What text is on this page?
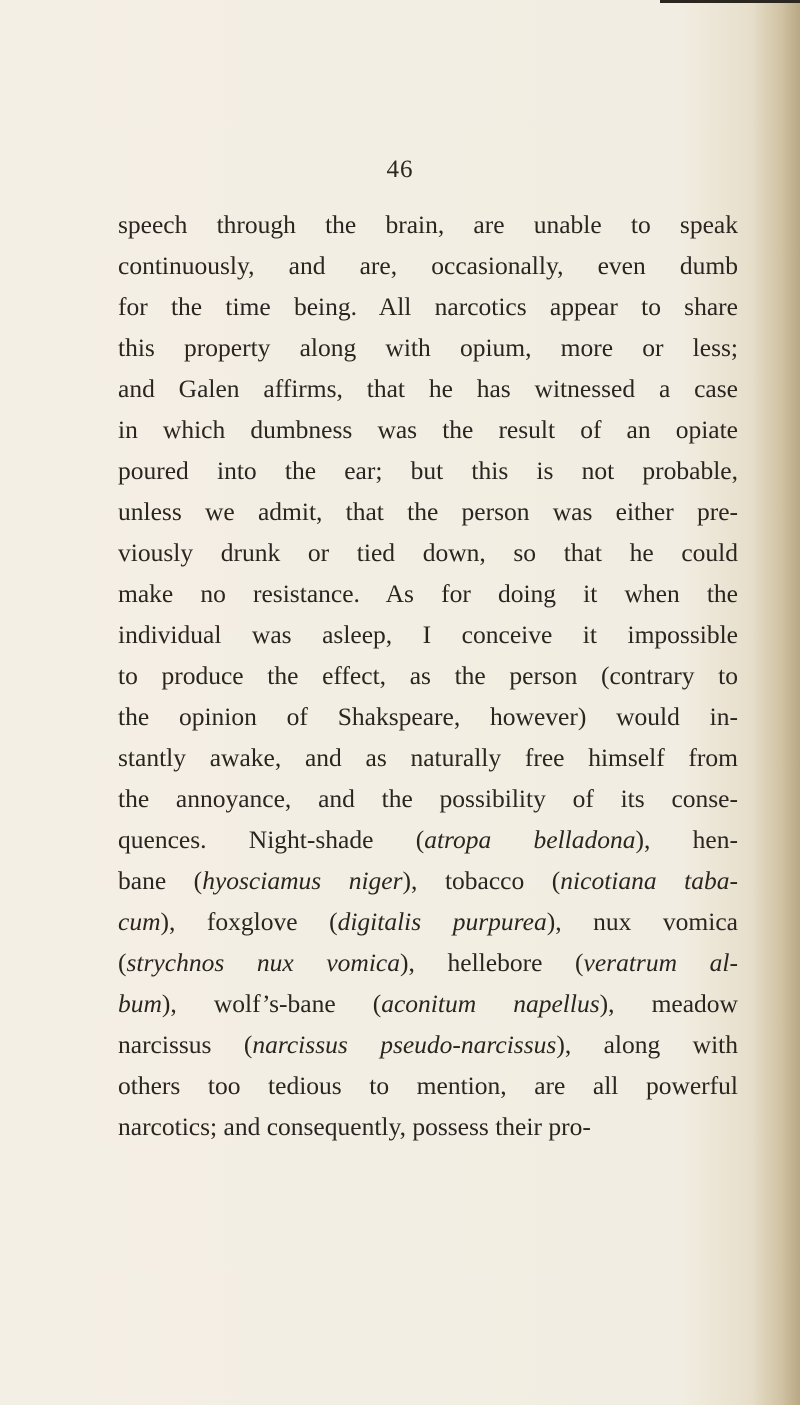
46
speech through the brain, are unable to speak
continuously, and are, occasionally, even dumb
for the time being. All narcotics appear to share
this property along with opium, more or less;
and Galen affirms, that he has witnessed a case
in which dumbness was the result of an opiate
poured into the ear; but this is not probable,
unless we admit, that the person was either pre-
viously drunk or tied down, so that he could
make no resistance. As for doing it when the
individual was asleep, I conceive it impossible
to produce the effect, as the person (contrary to
the opinion of Shakspeare, however) would in-
stantly awake, and as naturally free himself from
the annoyance, and the possibility of its conse-
quences. Night-shade (atropa belladona), hen-
bane (hyosciamus niger), tobacco (nicotiana taba-
cum), foxglove (digitalis purpurea), nux vomica
(strychnos nux vomica), hellebore (veratrum al-
bum), wolf’s-bane (aconitum napellus), meadow
narcissus (narcissus pseudo-narcissus), along with
others too tedious to mention, are all powerful
narcotics; and consequently, possess their pro-
